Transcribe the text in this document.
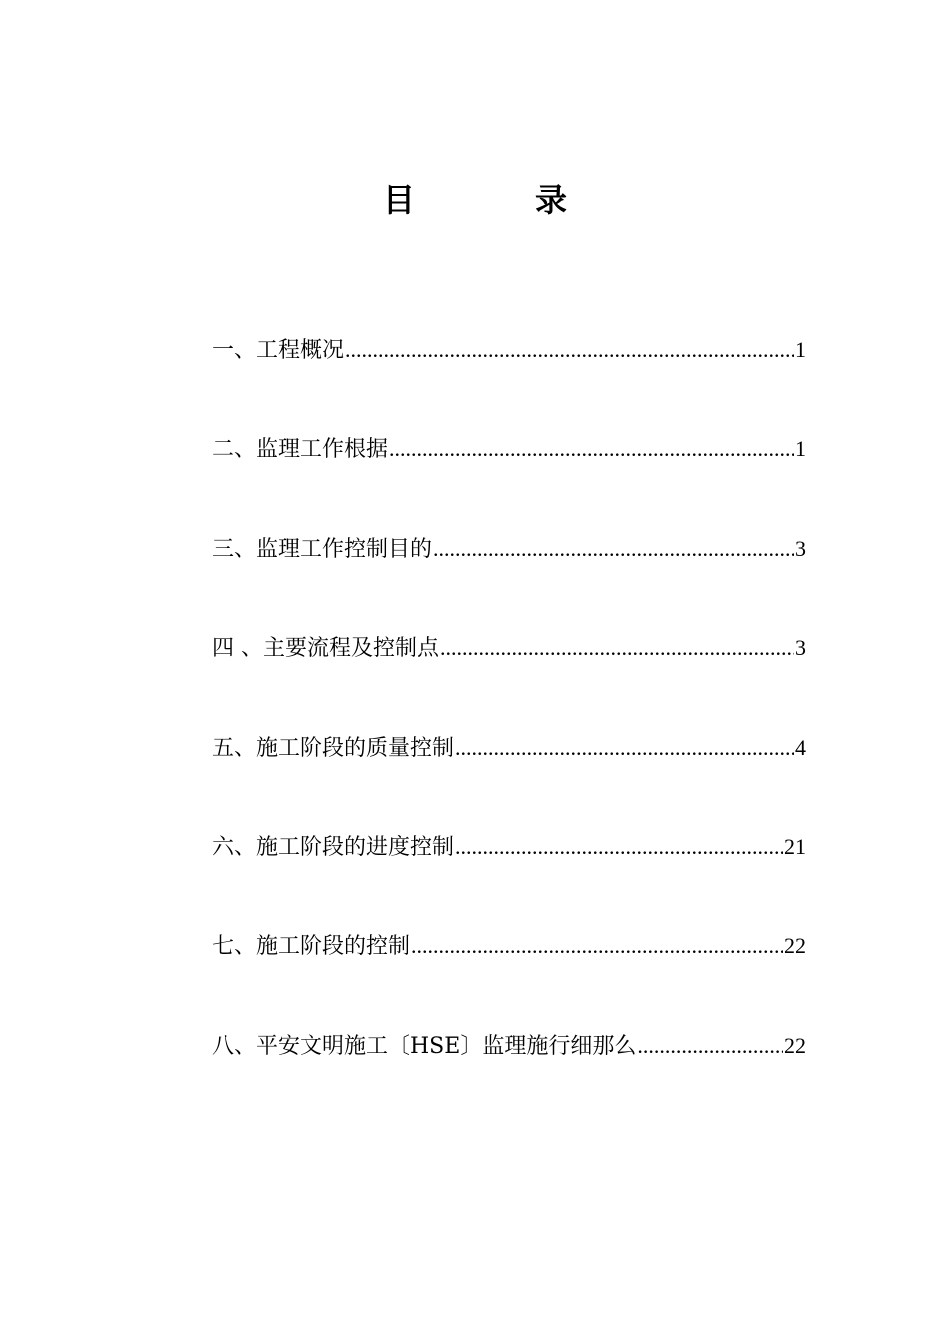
目　录
一、工程概况 .....	1
二、监理工作根据 .....	1
三、监理工作控制目的 .....	3
四 、主要流程及控制点 .....	3
五、施工阶段的质量控制 .....	4
六、施工阶段的进度控制 .....	21
七、施工阶段的控制 .....	22
八、平安文明施工〔HSE〕监理施行细那么 .....	22
